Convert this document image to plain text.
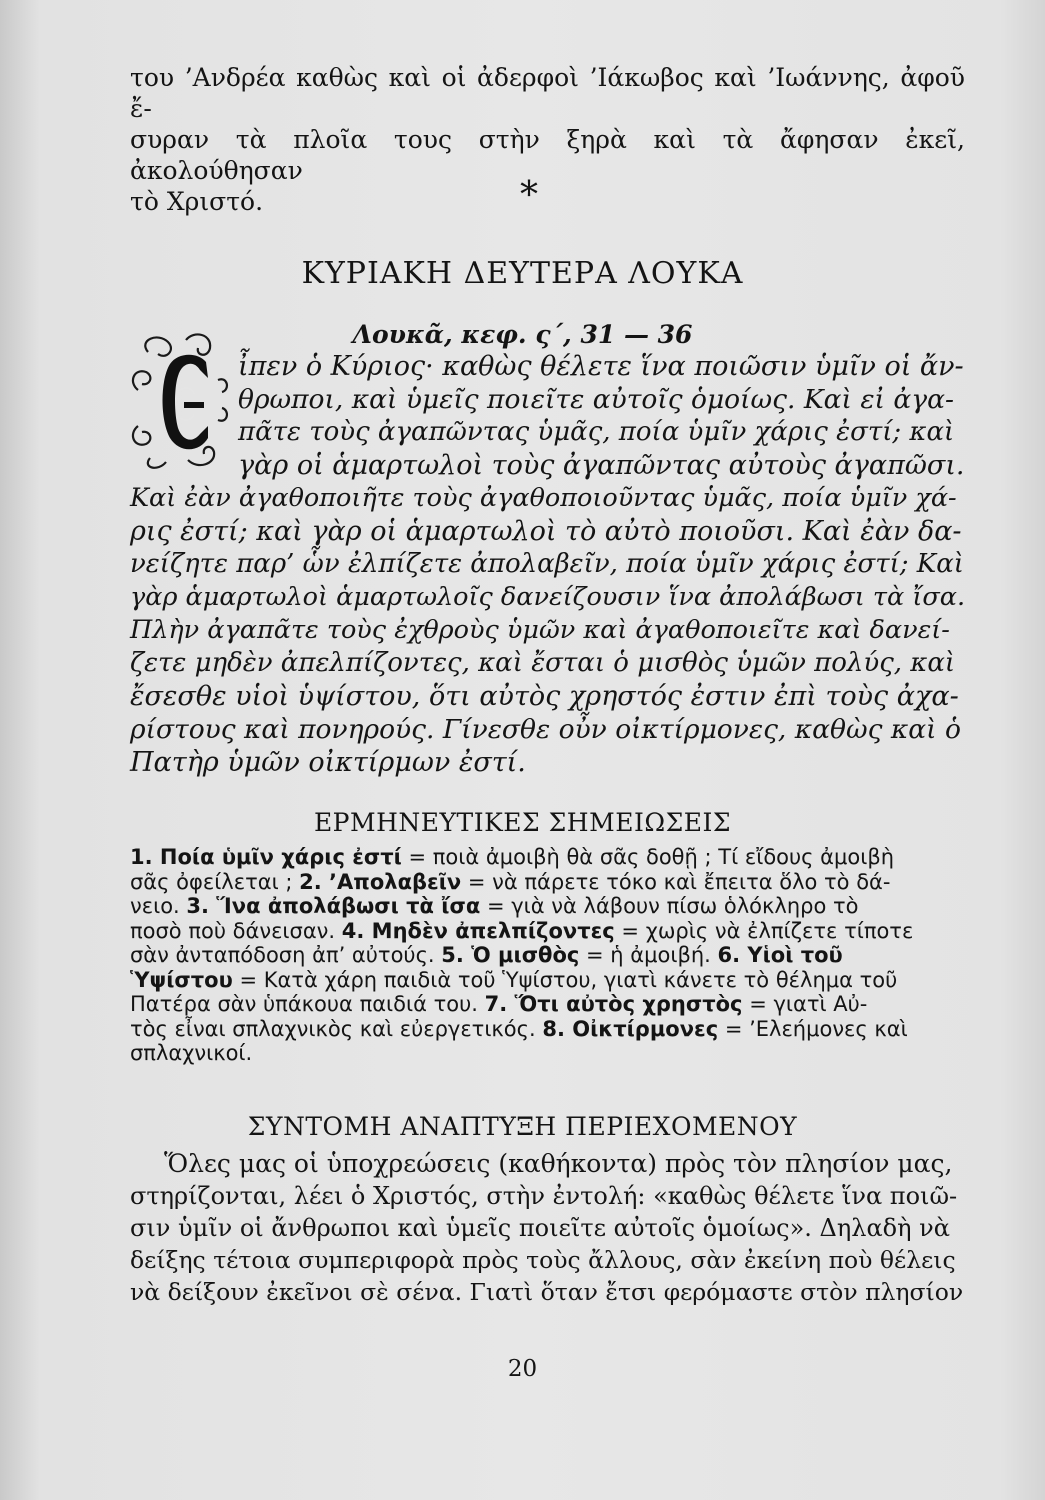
του ’Ανδρέα καθὼς καὶ οἱ ἀδερφοὶ ’Ιάκωβος καὶ ’Ιωάννης, ἀφοῦ ἔ-
συραν τὰ πλοῖα τους στὴν ξηρὰ καὶ τὰ ἄφησαν ἐκεῖ, ἀκολούθησαν
τὸ Χριστό.	*
ΚΥΡΙΑΚΗ ΔΕΥΤΕΡΑ ΛΟΥΚΑ
Λουκᾶ, κεφ. ς΄, 31 — 36
ἶπεν ὁ Κύριος· καθὼς θέλετε ἵνα ποιῶσιν ὑμῖν οἱ ἄν-
θρωποι, καὶ ὑμεῖς ποιεῖτε αὐτοῖς ὁμοίως. Καὶ εἰ ἀγα-
πᾶτε τοὺς ἀγαπῶντας ὑμᾶς, ποία ὑμῖν χάρις ἐστί; καὶ
γὰρ οἱ ἁμαρτωλοὶ τοὺς ἀγαπῶντας αὐτοὺς ἀγαπῶσι.
Καὶ ἐὰν ἀγαθοποιῆτε τοὺς ἀγαθοποιοῦντας ὑμᾶς, ποία ὑμῖν χά-
ρις ἐστί; καὶ γὰρ οἱ ἁμαρτωλοὶ τὸ αὐτὸ ποιοῦσι. Καὶ ἐὰν δα-
νείζητε παρ’ ὧν ἐλπίζετε ἀπολαβεῖν, ποία ὑμῖν χάρις ἐστί; Καὶ
γὰρ ἁμαρτωλοὶ ἁμαρτωλοῖς δανείζουσιν ἵνα ἀπολάβωσι τὰ ἴσα.
Πλὴν ἀγαπᾶτε τοὺς ἐχθροὺς ὑμῶν καὶ ἀγαθοποιεῖτε καὶ δανεί-
ζετε μηδὲν ἀπελπίζοντες, καὶ ἔσται ὁ μισθὸς ὑμῶν πολύς, καὶ
ἔσεσθε υἱοὶ ὑψίστου, ὅτι αὐτὸς χρηστός ἐστιν ἐπὶ τοὺς ἀχα-
ρίστους καὶ πονηρούς. Γίνεσθε οὖν οἰκτίρμονες, καθὼς καὶ ὁ
Πατὴρ ὑμῶν οἰκτίρμων ἐστί.
ΕΡΜΗΝΕΥΤΙΚΕΣ ΣΗΜΕΙΩΣΕΙΣ
1. Ποία ὑμῖν χάρις ἐστί = ποιὰ ἀμοιβὴ θὰ σᾶς δοθῇ ; Τί εἴδους ἀμοιβὴ
σᾶς ὀφείλεται ; 2. ’Απολαβεῖν = νὰ πάρετε τόκο καὶ ἔπειτα ὅλο τὸ δά-
νειο. 3. Ἵνα ἀπολάβωσι τὰ ἴσα = γιὰ νὰ λάβουν πίσω ὁλόκληρο τὸ
ποσὸ ποὺ δάνεισαν. 4. Μηδὲν ἀπελπίζοντες = χωρὶς νὰ ἐλπίζετε τίποτε
σὰν ἀνταπόδοση ἀπ’ αὐτούς. 5. Ὁ μισθὸς = ἡ ἀμοιβή. 6. Υἱοὶ τοῦ
Ὑψίστου = Κατὰ χάρη παιδιὰ τοῦ Ὑψίστου, γιατὶ κάνετε τὸ θέλημα τοῦ
Πατέρα σὰν ὑπάκουα παιδιά του. 7. Ὅτι αὐτὸς χρηστὸς = γιατὶ Αὐ-
τὸς εἶναι σπλαχνικὸς καὶ εὐεργετικός. 8. Οἰκτίρμονες = ’Ελεήμονες καὶ
σπλαχνικοί.
ΣΥΝΤΟΜΗ ΑΝΑΠΤΥΞΗ ΠΕΡΙΕΧΟΜΕΝΟΥ
Ὅλες μας οἱ ὑποχρεώσεις (καθήκοντα) πρὸς τὸν πλησίον μας,
στηρίζονται, λέει ὁ Χριστός, στὴν ἐντολή: «καθὼς θέλετε ἵνα ποιῶ-
σιν ὑμῖν οἱ ἄνθρωποι καὶ ὑμεῖς ποιεῖτε αὐτοῖς ὁμοίως». Δηλαδὴ νὰ
δείξης τέτοια συμπεριφορὰ πρὸς τοὺς ἄλλους, σὰν ἐκείνη ποὺ θέλεις
νὰ δείξουν ἐκεῖνοι σὲ σένα. Γιατὶ ὅταν ἔτσι φερόμαστε στὸν πλησίον
20
